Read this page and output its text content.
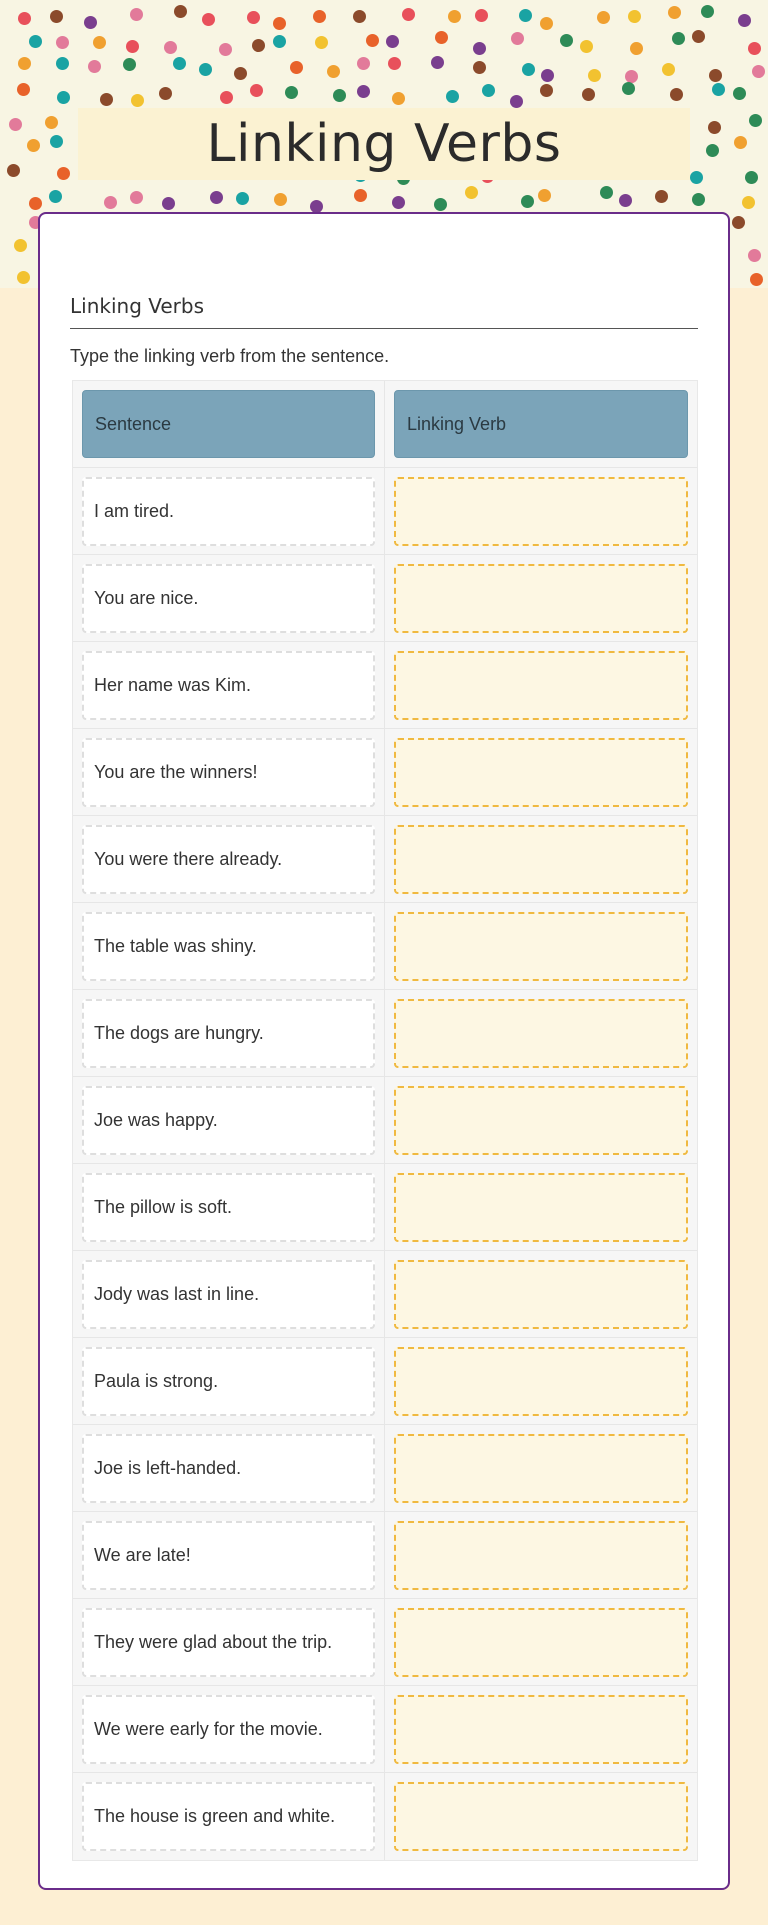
Linking Verbs
Linking Verbs
Type the linking verb from the sentence.
Sentence	Linking Verb
I am tired.
You are nice.
Her name was Kim.
You are the winners!
You were there already.
The table was shiny.
The dogs are hungry.
Joe was happy.
The pillow is soft.
Jody was last in line.
Paula is strong.
Joe is left-handed.
We are late!
They were glad about the trip.
We were early for the movie.
The house is green and white.
